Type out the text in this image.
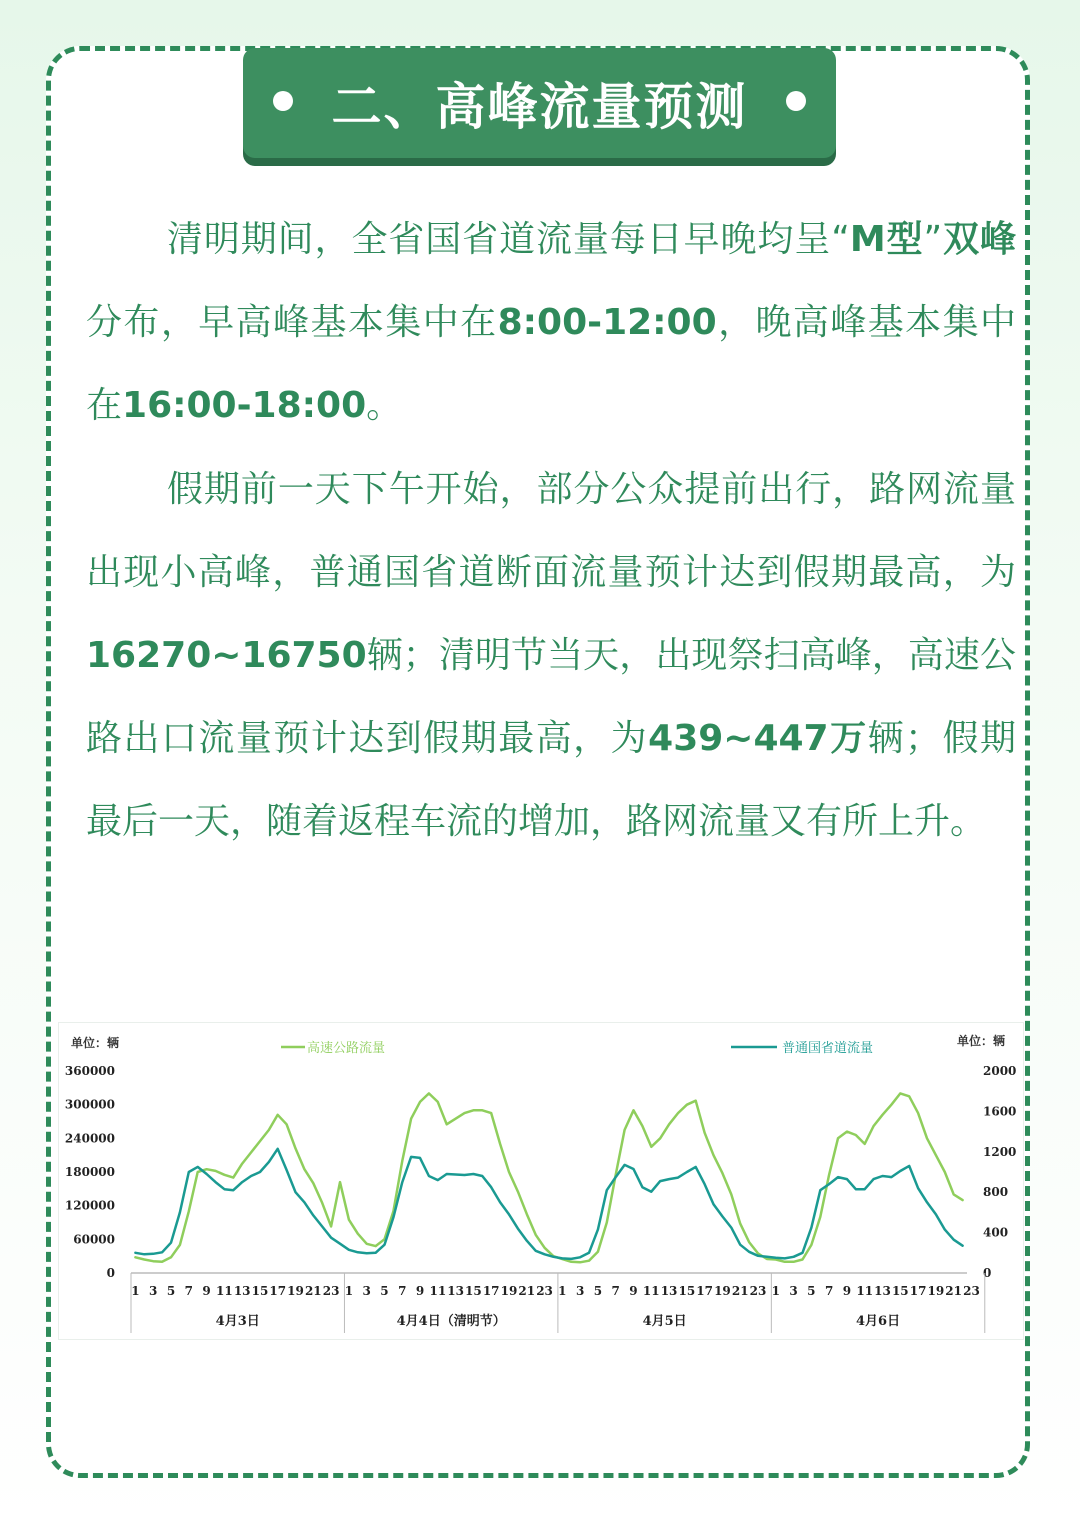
二、高峰流量预测
清明期间，全省国省道流量每日早晚均呈“M型”双峰分布，早高峰基本集中在8:00-12:00，晚高峰基本集中在16:00-18:00。
假期前一天下午开始，部分公众提前出行，路网流量出现小高峰，普通国省道断面流量预计达到假期最高，为16270~16750辆；清明节当天，出现祭扫高峰，高速公路出口流量预计达到假期最高，为439~447万辆；假期最后一天，随着返程车流的增加，路网流量又有所上升。
单位：辆	单位：辆
高速公路流量	普通国省道流量
0
60000
120000
180000
240000
300000
360000
0
400
800
1200
1600
2000
1 3 5 7 9 11 13 15 17 19 21 23
4月3日
1 3 5 7 9 11 13 15 17 19 21 23
4月4日（清明节）
1 3 5 7 9 11 13 15 17 19 21 23
4月5日
1 3 5 7 9 11 13 15 17 19 21 23
4月6日
